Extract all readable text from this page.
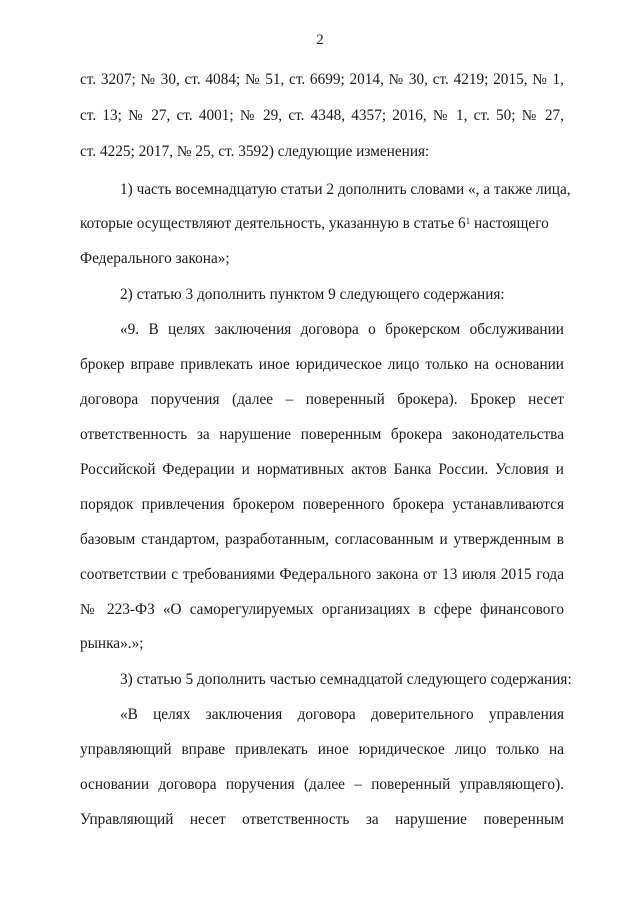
2
ст. 3207; № 30, ст. 4084; № 51, ст. 6699; 2014, № 30, ст. 4219; 2015, № 1,
ст. 13; № 27, ст. 4001; № 29, ст. 4348, 4357; 2016, № 1, ст. 50; № 27,
ст. 4225; 2017, № 25, ст. 3592) следующие изменения:
1) часть восемнадцатую статьи 2 дополнить словами «, а также лица,
которые осуществляют деятельность, указанную в статье $6^1$ настоящего
Федерального закона»;
2) статью 3 дополнить пунктом 9 следующего содержания:
«9. В целях заключения договора о брокерском обслуживании
брокер вправе привлекать иное юридическое лицо только на основании
договора поручения (далее – поверенный брокера). Брокер несет
ответственность за нарушение поверенным брокера законодательства
Российской Федерации и нормативных актов Банка России. Условия и
порядок привлечения брокером поверенного брокера устанавливаются
базовым стандартом, разработанным, согласованным и утвержденным в
соответствии с требованиями Федерального закона от 13 июля 2015 года
№ 223-ФЗ «О саморегулируемых организациях в сфере финансового
рынка».»;
3) статью 5 дополнить частью семнадцатой следующего содержания:
«В целях заключения договора доверительного управления
управляющий вправе привлекать иное юридическое лицо только на
основании договора поручения (далее – поверенный управляющего).
Управляющий несет ответственность за нарушение поверенным
